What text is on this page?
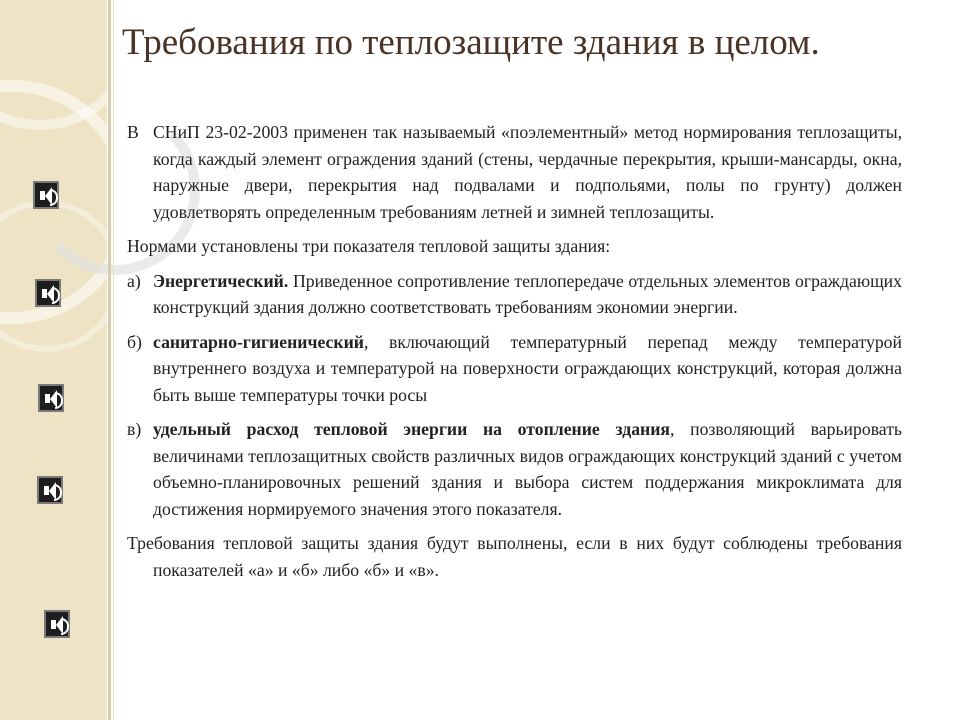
Требования по теплозащите здания в целом.
В СНиП 23-02-2003 применен так называемый «поэлементный» метод нормирования теплозащиты, когда каждый элемент ограждения зданий (стены, чердачные перекрытия, крыши-мансарды, окна, наружные двери, перекрытия над подвалами и подпольями, полы по грунту) должен удовлетворять определенным требованиям летней и зимней теплозащиты.
Нормами установлены три показателя тепловой защиты здания:
а) Энергетический. Приведенное сопротивление теплопередаче отдельных элементов ограждающих конструкций здания должно соответствовать требованиям экономии энергии.
б) санитарно-гигиенический, включающий температурный перепад между температурой внутреннего воздуха и температурой на поверхности ограждающих конструкций, которая должна быть выше температуры точки росы
в) удельный расход тепловой энергии на отопление здания, позволяющий варьировать величинами теплозащитных свойств различных видов ограждающих конструкций зданий с учетом объемно-планировочных решений здания и выбора систем поддержания микроклимата для достижения нормируемого значения этого показателя.
Требования тепловой защиты здания будут выполнены, если в них будут соблюдены требования показателей «а» и «б» либо «б» и «в».
